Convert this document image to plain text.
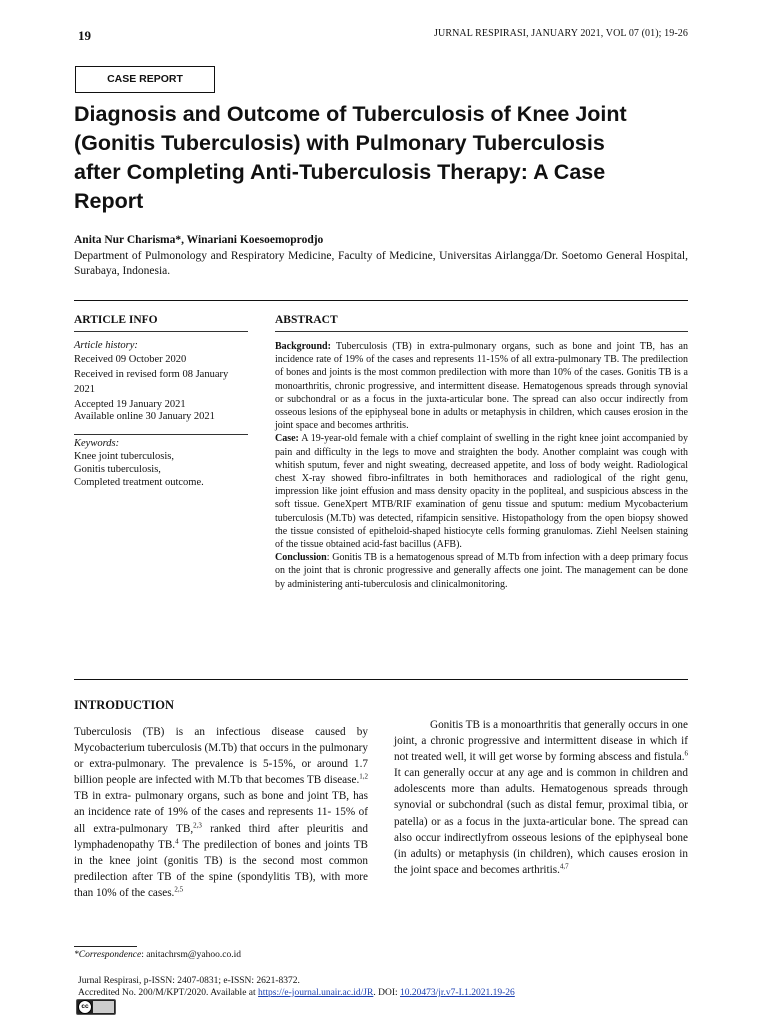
19	JURNAL RESPIRASI, JANUARY 2021, VOL 07 (01); 19-26
CASE REPORT
Diagnosis and Outcome of Tuberculosis of Knee Joint
(Gonitis Tuberculosis) with Pulmonary Tuberculosis
after Completing Anti-Tuberculosis Therapy: A Case
Report
Anita Nur Charisma*, Winariani Koesoemoprodjo
Department of Pulmonology and Respiratory Medicine, Faculty of Medicine, Universitas Airlangga/Dr. Soetomo General Hospital, Surabaya, Indonesia.
ARTICLE INFO
Article history:
Received 09 October 2020
Received in revised form 08 January
2021
Accepted 19 January 2021
Available online 30 January 2021
Keywords:
Knee joint tuberculosis,
Gonitis tuberculosis,
Completed treatment outcome.
ABSTRACT

Background: Tuberculosis (TB) in extra-pulmonary organs, such as bone and joint TB, has an incidence rate of 19% of the cases and represents 11-15% of all extra-pulmonary TB. The predilection of bones and joints is the most common predilection with more than 10% of the cases. Gonitis TB is a monoarthritis, chronic progressive, and intermittent disease. Hematogenous spreads through synovial or subchondral or as a focus in the juxta-articular bone. The spread can also occur indirectly from osseous lesions of the epiphyseal bone in adults or metaphysis in children, which causes erosion in the joint space and becomes arthritis.

Case: A 19-year-old female with a chief complaint of swelling in the right knee joint accompanied by pain and difficulty in the legs to move and straighten the body. Another complaint was cough with whitish sputum, fever and night sweating, decreased appetite, and loss of body weight. Radiological chest X-ray showed fibro-infiltrates in both hemithoraces and radiological of the right genu, impression like joint effusion and mass density opacity in the popliteal, and suspicious abscess in the soft tissue. GeneXpert MTB/RIF examination of genu tissue and sputum: medium Mycobacterium tuberculosis (M.Tb) was detected, rifampicin sensitive. Histopathology from the open biopsy showed the tissue consisted of epitheloid-shaped histiocyte cells forming granulomas. Ziehl Neelsen staining of the tissue obtained acid-fast bacillus (AFB).

Conclussion: Gonitis TB is a hematogenous spread of M.Tb from infection with a deep primary focus on the joint that is chronic progressive and generally affects one joint. The management can be done by administering anti-tuberculosis and clinicalmonitoring.

INTRODUCTION

Tuberculosis (TB) is an infectious disease caused by Mycobacterium tuberculosis (M.Tb) that occurs in the pulmonary or extra-pulmonary. The prevalence is 5-15%, or around 1.7 billion people are infected with M.Tb that becomes TB disease.$^{1,2}$ TB in extra- pulmonary organs, such as bone and joint TB, has an incidence rate of 19% of the cases and represents 11- 15% of all extra-pulmonary TB,$^{2,3}$ ranked third after pleuritis and lymphadenopathy TB.$^4$ The predilection of bones and joints TB in the knee joint (gonitis TB) is the second most common predilection after TB of the spine (spondylitis TB), with more than 10% of the cases.$^{2,5}$

Gonitis TB is a monoarthritis that generally occurs in one joint, a chronic progressive and intermittent disease in which if not treated well, it will get worse by forming abscess and fistula.$^6$ It can generally occur at any age and is common in children and adolescents more than adults. Hematogenous spreads through synovial or subchondral (such as distal femur, proximal tibia, or patella) or as a focus in the juxta-articular bone. The spread can also occur indirectlyfrom osseous lesions of the epiphyseal bone (in adults) or metaphysis (in children), which causes erosion in the joint space and becomes arthritis.$^{4,7}$

*Correspondence: anitachrsm@yahoo.co.id
Jurnal Respirasi, p-ISSN: 2407-0831; e-ISSN: 2621-8372.
Accredited No. 200/M/KPT/2020. Available at https://e-journal.unair.ac.id/JR. DOI: 10.20473/jr.v7-I.1.2021.19-26
cc
